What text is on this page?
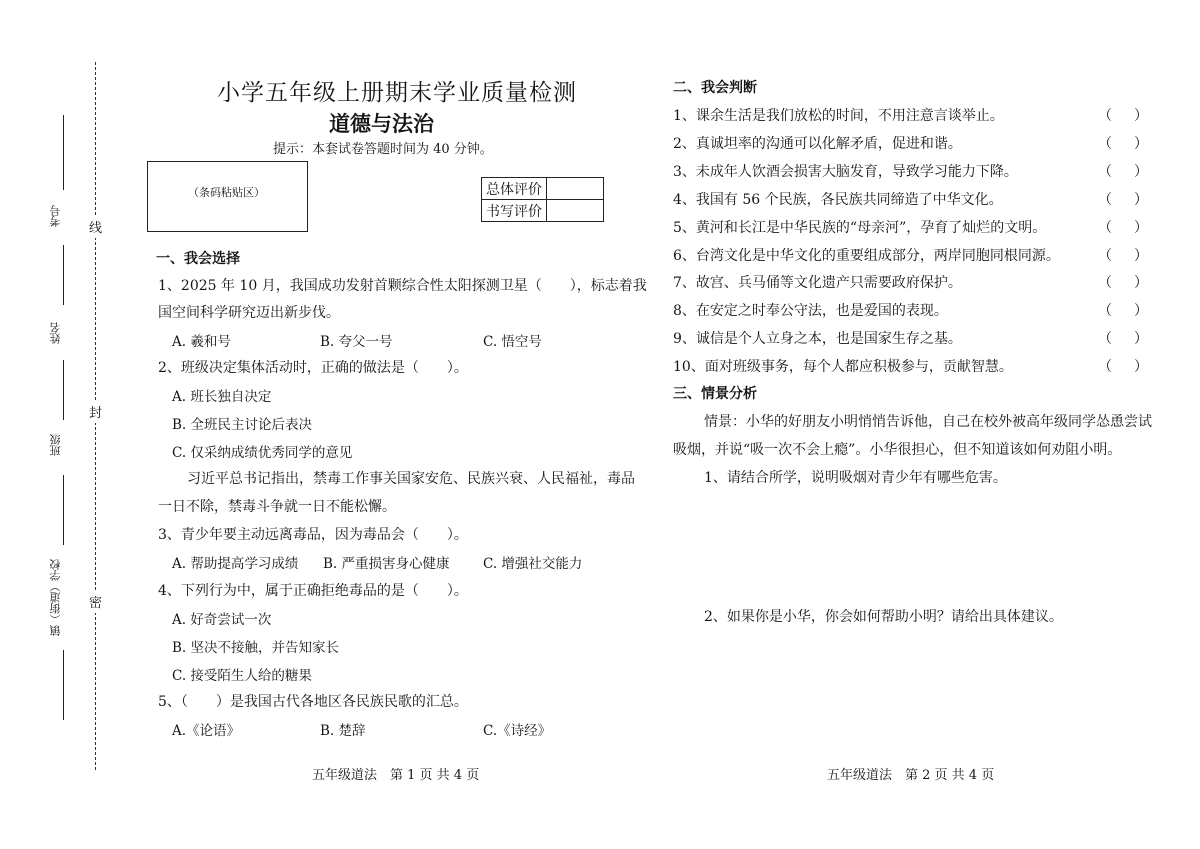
考号
姓名
班级
镇（街道）学校
线
封
密
小学五年级上册期末学业质量检测
道德与法治
提示：本套试卷答题时间为 40 分钟。
（条码粘贴区）	总体评价	
书写评价	
一、我会选择
1、2025 年 10 月，我国成功发射首颗综合性太阳探测卫星（　　），标志着我
国空间科学研究迈出新步伐。
A. 羲和号	B. 夸父一号	C. 悟空号
2、班级决定集体活动时，正确的做法是（　　）。
A. 班长独自决定
B. 全班民主讨论后表决
C. 仅采纳成绩优秀同学的意见
习近平总书记指出，禁毒工作事关国家安危、民族兴衰、人民福祉，毒品
一日不除，禁毒斗争就一日不能松懈。
3、青少年要主动远离毒品，因为毒品会（　　）。
A. 帮助提高学习成绩 B. 严重损害身心健康 C. 增强社交能力
4、下列行为中，属于正确拒绝毒品的是（　　）。
A. 好奇尝试一次
B. 坚决不接触，并告知家长
C. 接受陌生人给的糖果
5、（　　）是我国古代各地区各民族民歌的汇总。
A.《论语》	B. 楚辞	C.《诗经》
五年级道法　第 1 页 共 4 页
二、我会判断
1、课余生活是我们放松的时间，不用注意言谈举止。	（）
2、真诚坦率的沟通可以化解矛盾，促进和谐。	（）
3、未成年人饮酒会损害大脑发育，导致学习能力下降。	（）
4、我国有 56 个民族，各民族共同缔造了中华文化。	（）
5、黄河和长江是中华民族的“母亲河”，孕育了灿烂的文明。	（）
6、台湾文化是中华文化的重要组成部分，两岸同胞同根同源。	（）
7、故宫、兵马俑等文化遗产只需要政府保护。	（）
8、在安定之时奉公守法，也是爱国的表现。	（）
9、诚信是个人立身之本，也是国家生存之基。	（）
10、面对班级事务，每个人都应积极参与，贡献智慧。	（）
三、情景分析
情景：小华的好朋友小明悄悄告诉他，自己在校外被高年级同学怂恿尝试
吸烟，并说“吸一次不会上瘾”。小华很担心，但不知道该如何劝阻小明。
1、请结合所学，说明吸烟对青少年有哪些危害。
2、如果你是小华，你会如何帮助小明？请给出具体建议。
五年级道法　第 2 页 共 4 页
